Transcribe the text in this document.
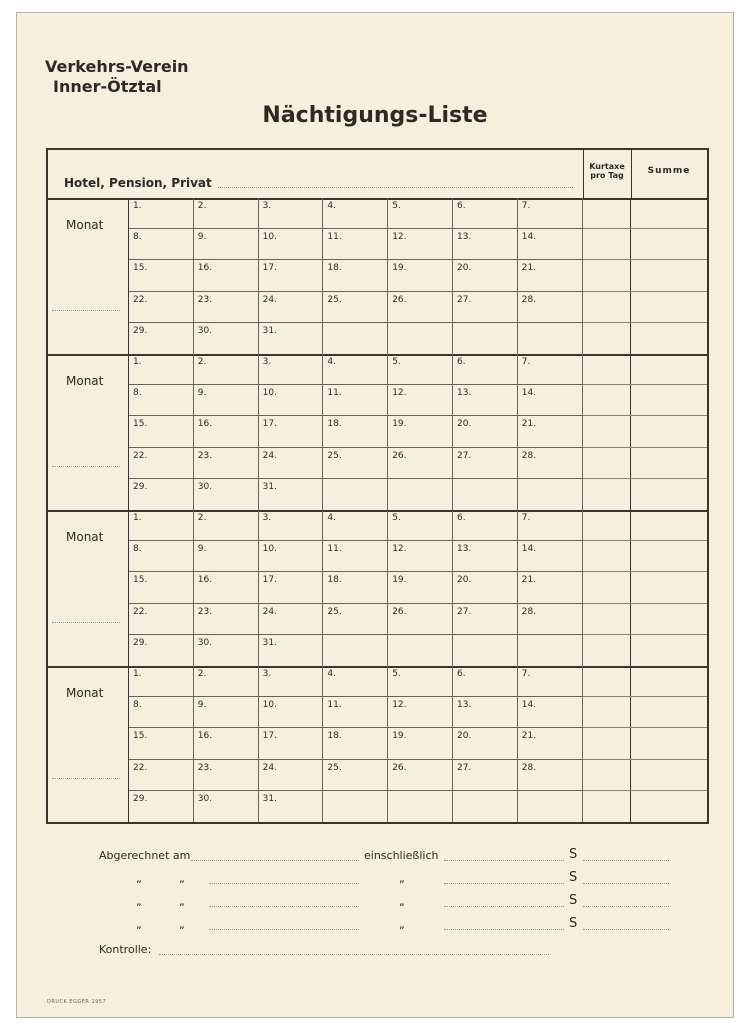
Verkehrs-Verein
Inner-Ötztal
Nächtigungs-Liste
Hotel, Pension, Privat
Kurtaxe
pro Tag	Summe
Monat
1.	2.	3.	4.	5.	6.	7.
8.	9.	10.	11.	12.	13.	14.
15.	16.	17.	18.	19.	20.	21.
22.	23.	24.	25.	26.	27.	28.
29.	30.	31.
Monat
1.	2.	3.	4.	5.	6.	7.
8.	9.	10.	11.	12.	13.	14.
15.	16.	17.	18.	19.	20.	21.
22.	23.	24.	25.	26.	27.	28.
29.	30.	31.
Monat
1.	2.	3.	4.	5.	6.	7.
8.	9.	10.	11.	12.	13.	14.
15.	16.	17.	18.	19.	20.	21.
22.	23.	24.	25.	26.	27.	28.
29.	30.	31.
Monat
1.	2.	3.	4.	5.	6.	7.
8.	9.	10.	11.	12.	13.	14.
15.	16.	17.	18.	19.	20.	21.
22.	23.	24.	25.	26.	27.	28.
29.	30.	31.
Abgerechnet am	einschließlich	S
„	„	„	S
„	„	„	S
„	„	„	S
Kontrolle:
DRUCK EGGER 1957
